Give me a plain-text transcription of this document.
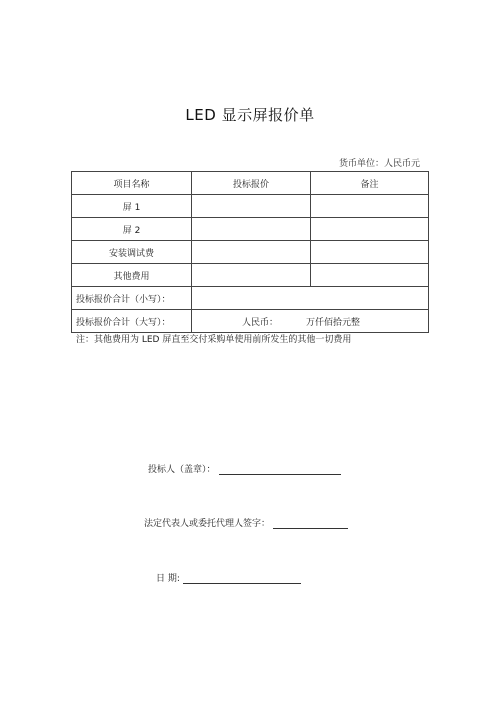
LED 显示屏报价单
货币单位：人民币元
项目名称	投标报价	备注
屏 1		
屏 2		
安装调试费		
其他费用		
投标报价合计（小写）：		
投标报价合计（大写）：	人民币： 万仟佰拾元整	
注：其他费用为 LED 屏直至交付采购单使用前所发生的其他一切费用
投标人（盖章）：
法定代表人或委托代理人签字：
日 期:
